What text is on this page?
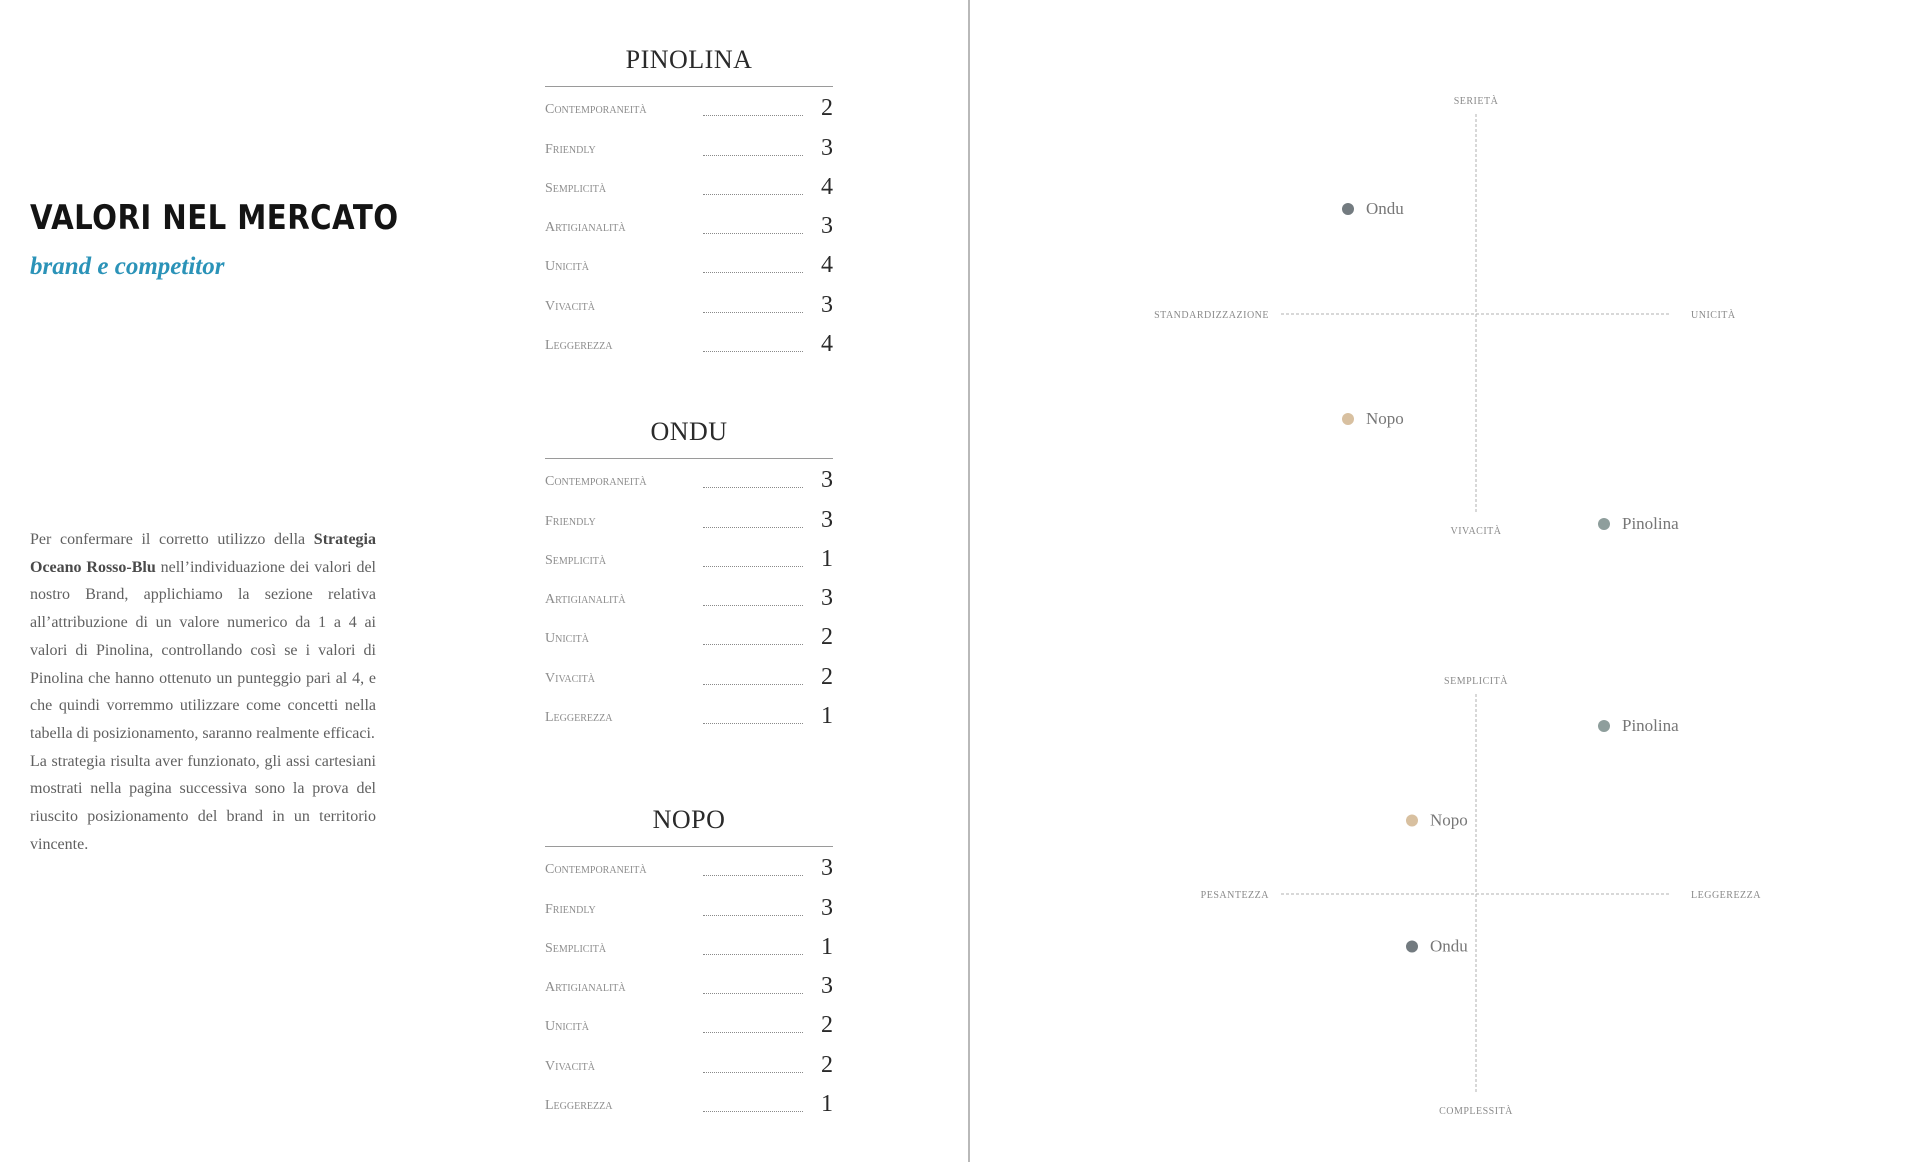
VALORI NEL MERCATO
brand e competitor

Per confermare il corretto utilizzo della Strategia Oceano Rosso-Blu nell’individuazione dei valori del nostro Brand, applichiamo la sezione relativa all’attribuzione di un valore numerico da 1 a 4 ai valori di Pinolina, controllando così se i valori di Pinolina che hanno ottenuto un punteggio pari al 4, e che quindi vorremmo utilizzare come concetti nella tabella di posizionamento, saranno realmente efficaci.

La strategia risulta aver funzionato, gli assi cartesiani mostrati nella pagina successiva sono la prova del riuscito posizionamento del brand in un territorio vincente.

PINOLINA
Contemporaneità	2
Friendly	3
Semplicità	4
Artigianalità	3
Unicità	4
Vivacità	3
Leggerezza	4
ONDU
Contemporaneità	3
Friendly	3
Semplicità	1
Artigianalità	3
Unicità	2
Vivacità	2
Leggerezza	1
NOPO
Contemporaneità	3
Friendly	3
Semplicità	1
Artigianalità	3
Unicità	2
Vivacità	2
Leggerezza	1
SERIETÀ
VIVACITÀ
STANDARDIZZAZIONE	UNICITÀ
Ondu
Nopo
Pinolina
SEMPLICITÀ
COMPLESSITÀ
PESANTEZZA	LEGGEREZZA
Pinolina
Nopo
Ondu
